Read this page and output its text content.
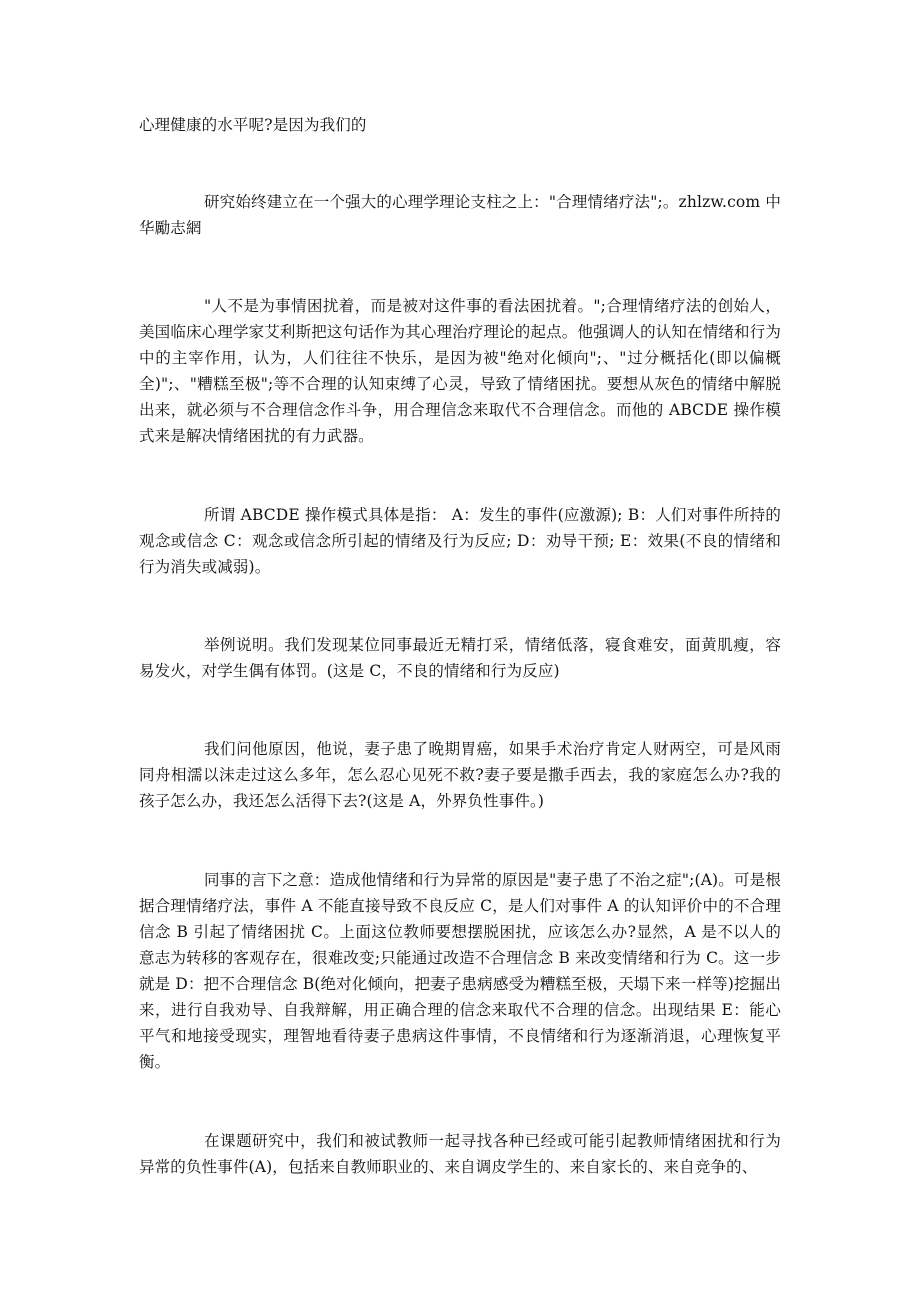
心理健康的水平呢?是因为我们的

研究始终建立在一个强大的心理学理论支柱之上："合理情绪疗法";。zhlzw.com 中华勵志網

"人不是为事情困扰着，而是被对这件事的看法困扰着。";合理情绪疗法的创始人，美国临床心理学家艾利斯把这句话作为其心理治疗理论的起点。他强调人的认知在情绪和行为中的主宰作用，认为，人们往往不快乐，是因为被"绝对化倾向";、"过分概括化(即以偏概全)";、"糟糕至极";等不合理的认知束缚了心灵，导致了情绪困扰。要想从灰色的情绪中解脱出来，就必须与不合理信念作斗争，用合理信念来取代不合理信念。而他的 ABCDE 操作模式来是解决情绪困扰的有力武器。

所谓 ABCDE 操作模式具体是指： A：发生的事件(应激源); B：人们对事件所持的观念或信念 C：观念或信念所引起的情绪及行为反应; D：劝导干预; E：效果(不良的情绪和行为消失或减弱)。

举例说明。我们发现某位同事最近无精打采，情绪低落，寝食难安，面黄肌瘦，容易发火，对学生偶有体罚。(这是 C，不良的情绪和行为反应)

我们问他原因，他说，妻子患了晚期胃癌，如果手术治疗肯定人财两空，可是风雨同舟相濡以沫走过这么多年，怎么忍心见死不救?妻子要是撒手西去，我的家庭怎么办?我的孩子怎么办，我还怎么活得下去?(这是 A，外界负性事件。)

同事的言下之意：造成他情绪和行为异常的原因是"妻子患了不治之症";(A)。可是根据合理情绪疗法，事件 A 不能直接导致不良反应 C，是人们对事件 A 的认知评价中的不合理信念 B 引起了情绪困扰 C。上面这位教师要想摆脱困扰，应该怎么办?显然，A 是不以人的意志为转移的客观存在，很难改变;只能通过改造不合理信念 B 来改变情绪和行为 C。这一步就是 D：把不合理信念 B(绝对化倾向，把妻子患病感受为糟糕至极，天塌下来一样等)挖掘出来，进行自我劝导、自我辩解，用正确合理的信念来取代不合理的信念。出现结果 E：能心平气和地接受现实，理智地看待妻子患病这件事情，不良情绪和行为逐渐消退，心理恢复平衡。

在课题研究中，我们和被试教师一起寻找各种已经或可能引起教师情绪困扰和行为异常的负性事件(A)，包括来自教师职业的、来自调皮学生的、来自家长的、来自竞争的、
